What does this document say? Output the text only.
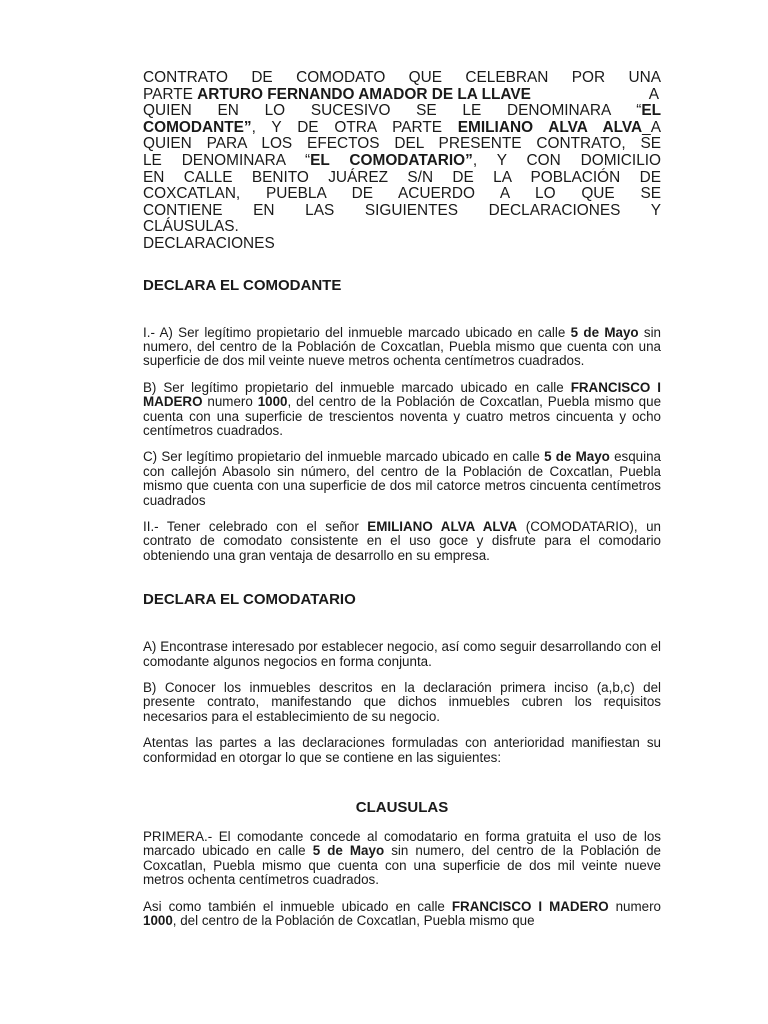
CONTRATO DE COMODATO QUE CELEBRAN POR UNA

PARTE ARTURO FERNANDO AMADOR DE LA LLAVE	A

QUIEN EN LO SUCESIVO SE LE DENOMINARA “EL

COMODANTE”, Y DE OTRA PARTE EMILIANO ALVA ALVA_A

QUIEN PARA LOS EFECTOS DEL PRESENTE CONTRATO, SE

LE DENOMINARA “EL COMODATARIO”, Y CON DOMICILIO

EN CALLE BENITO JUÁREZ S/N DE LA POBLACIÓN DE

COXCATLAN, PUEBLA DE ACUERDO A LO QUE SE

CONTIENE EN LAS SIGUIENTES DECLARACIONES Y

CLÁUSULAS.

DECLARACIONES

DECLARA EL COMODANTE

I.- A) Ser legítimo propietario del inmueble marcado ubicado en calle 5 de Mayo sin numero, del centro de la Población de Coxcatlan, Puebla mismo que cuenta con una superficie de dos mil veinte nueve metros ochenta centímetros cuadrados.

B) Ser legítimo propietario del inmueble marcado ubicado en calle FRANCISCO I MADERO numero 1000, del centro de la Población de Coxcatlan, Puebla mismo que cuenta con una superficie de trescientos noventa y cuatro metros cincuenta y ocho centímetros cuadrados.

C) Ser legítimo propietario del inmueble marcado ubicado en calle 5 de Mayo esquina con callejón Abasolo sin número, del centro de la Población de Coxcatlan, Puebla mismo que cuenta con una superficie de dos mil catorce metros cincuenta centímetros cuadrados

II.- Tener celebrado con el señor EMILIANO ALVA ALVA (COMODATARIO), un contrato de comodato consistente en el uso goce y disfrute para el comodario obteniendo una gran ventaja de desarrollo en su empresa.

DECLARA EL COMODATARIO

A) Encontrase interesado por establecer negocio, así como seguir desarrollando con el comodante algunos negocios en forma conjunta.

B) Conocer los inmuebles descritos en la declaración primera inciso (a,b,c) del presente contrato, manifestando que dichos inmuebles cubren los requisitos necesarios para el establecimiento de su negocio.

Atentas las partes a las declaraciones formuladas con anterioridad manifiestan su conformidad en otorgar lo que se contiene en las siguientes:

CLAUSULAS

PRIMERA.- El comodante concede al comodatario en forma gratuita el uso de los marcado ubicado en calle 5 de Mayo sin numero, del centro de la Población de Coxcatlan, Puebla mismo que cuenta con una superficie de dos mil veinte nueve metros ochenta centímetros cuadrados.

Asi como también el inmueble ubicado en calle FRANCISCO I MADERO numero 1000, del centro de la Población de Coxcatlan, Puebla mismo que
